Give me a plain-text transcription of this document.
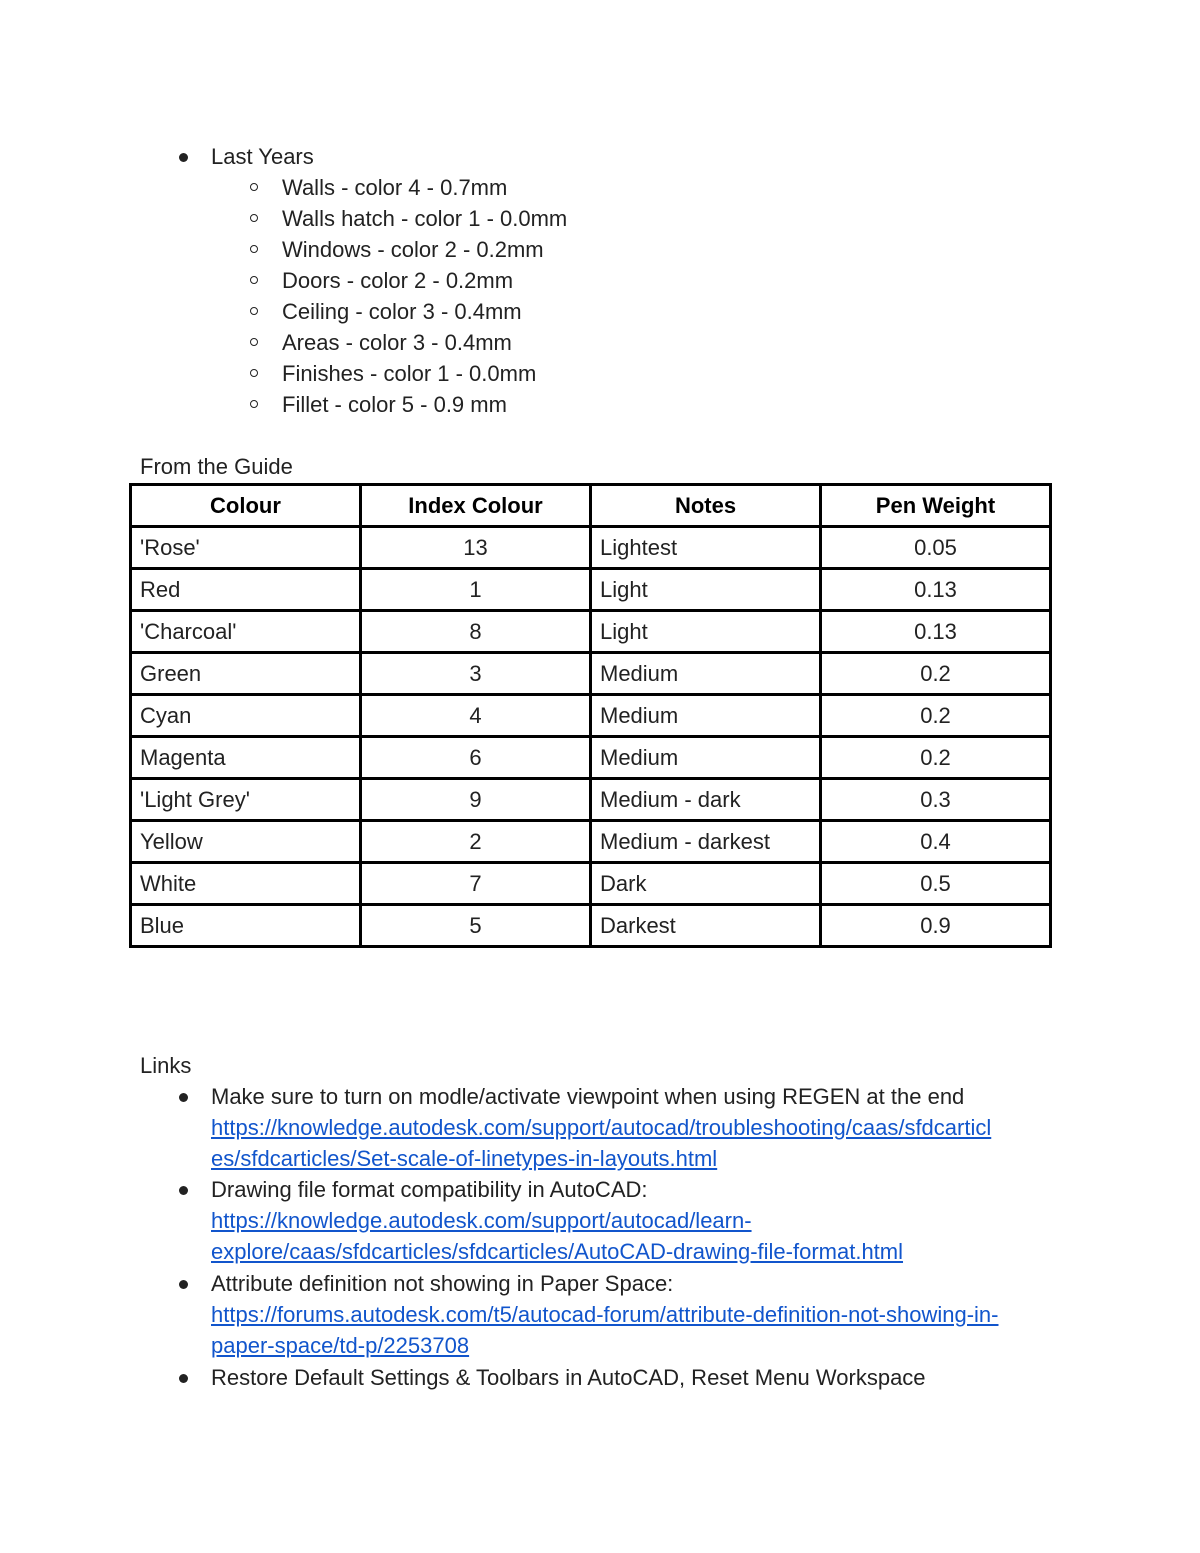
Last Years
Walls - color 4 - 0.7mm
Walls hatch - color 1 - 0.0mm
Windows - color 2 - 0.2mm
Doors - color 2 - 0.2mm
Ceiling - color 3 - 0.4mm
Areas - color 3 - 0.4mm
Finishes - color 1 - 0.0mm
Fillet - color 5 - 0.9 mm
From the Guide
Colour	Index Colour	Notes	Pen Weight
'Rose'	13	Lightest	0.05
Red	1	Light	0.13
'Charcoal'	8	Light	0.13
Green	3	Medium	0.2
Cyan	4	Medium	0.2
Magenta	6	Medium	0.2
'Light Grey'	9	Medium - dark	0.3
Yellow	2	Medium - darkest	0.4
White	7	Dark	0.5
Blue	5	Darkest	0.9
Links
Make sure to turn on modle/activate viewpoint when using REGEN at the end
https://knowledge.autodesk.com/support/autocad/troubleshooting/caas/sfdcarticl
es/sfdcarticles/Set-scale-of-linetypes-in-layouts.html
Drawing file format compatibility in AutoCAD:
https://knowledge.autodesk.com/support/autocad/learn-
explore/caas/sfdcarticles/sfdcarticles/AutoCAD-drawing-file-format.html
Attribute definition not showing in Paper Space:
https://forums.autodesk.com/t5/autocad-forum/attribute-definition-not-showing-in-
paper-space/td-p/2253708
Restore Default Settings & Toolbars in AutoCAD, Reset Menu Workspace
